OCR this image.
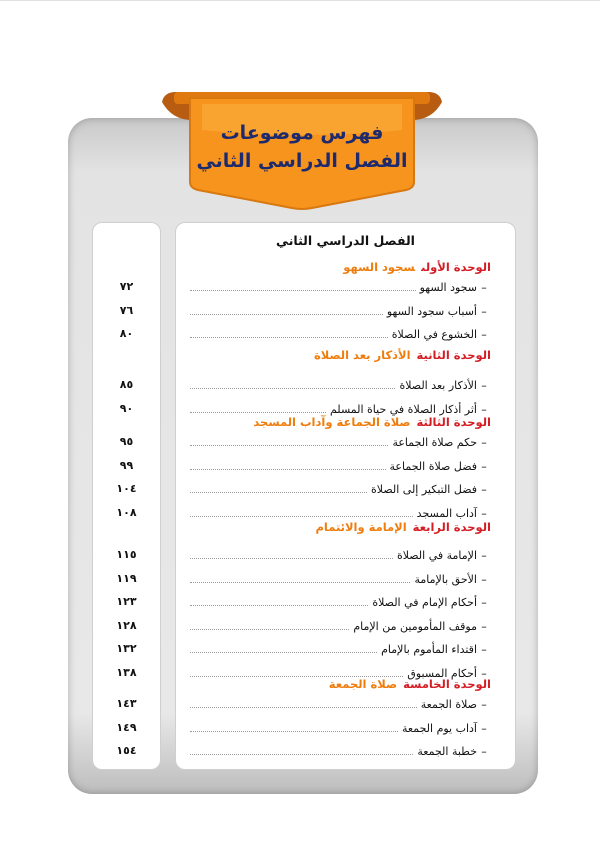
فهرس موضوعات
الفصل الدراسي الثاني
٧٢
٧٦
٨٠
٨٥
٩٠
٩٥
٩٩
١٠٤
١٠٨
١١٥
١١٩
١٢٣
١٢٨
١٣٢
١٣٨
١٤٣
١٤٩
١٥٤
الفصل الدراسي الثاني
الوحدة الأولىسجود السهو
–
سجود السهو
–
أسباب سجود السهو
–
الخشوع في الصلاة
الوحدة الثانيةالأذكار بعد الصلاة
–
الأذكار بعد الصلاة
–
أثر أذكار الصلاة في حياة المسلم
الوحدة الثالثةصلاة الجماعة وآداب المسجد
–
حكم صلاة الجماعة
–
فضل صلاة الجماعة
–
فضل التبكير إلى الصلاة
–
آداب المسجد
الوحدة الرابعةالإمامة والائتمام
–
الإمامة في الصلاة
–
الأحق بالإمامة
–
أحكام الإمام في الصلاة
–
موقف المأمومين من الإمام
–
اقتداء المأموم بالإمام
–
أحكام المسبوق
الوحدة الخامسةصلاة الجمعة
–
صلاة الجمعة
–
آداب يوم الجمعة
–
خطبة الجمعة
